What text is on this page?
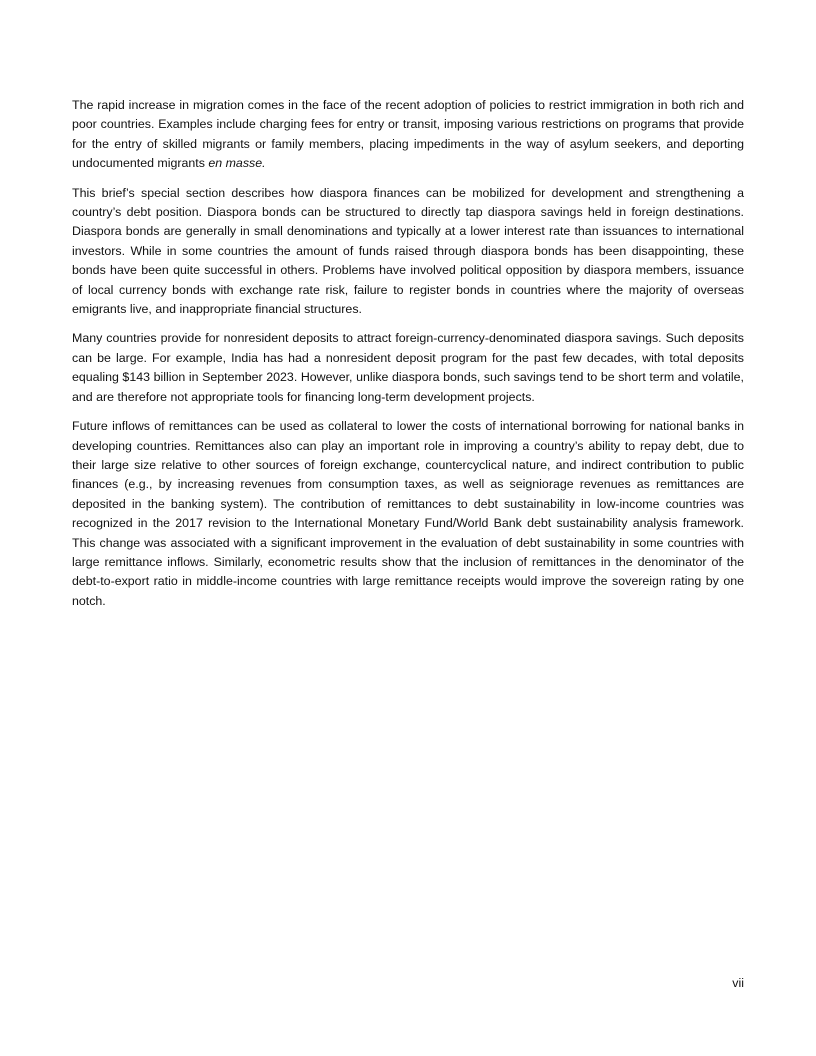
The rapid increase in migration comes in the face of the recent adoption of policies to restrict immigration in both rich and poor countries. Examples include charging fees for entry or transit, imposing various restrictions on programs that provide for the entry of skilled migrants or family members, placing impediments in the way of asylum seekers, and deporting undocumented migrants en masse.

This brief’s special section describes how diaspora finances can be mobilized for development and strengthening a country’s debt position. Diaspora bonds can be structured to directly tap diaspora savings held in foreign destinations. Diaspora bonds are generally in small denominations and typically at a lower interest rate than issuances to international investors. While in some countries the amount of funds raised through diaspora bonds has been disappointing, these bonds have been quite successful in others. Problems have involved political opposition by diaspora members, issuance of local currency bonds with exchange rate risk, failure to register bonds in countries where the majority of overseas emigrants live, and inappropriate financial structures.

Many countries provide for nonresident deposits to attract foreign-currency-denominated diaspora savings. Such deposits can be large. For example, India has had a nonresident deposit program for the past few decades, with total deposits equaling $143 billion in September 2023. However, unlike diaspora bonds, such savings tend to be short term and volatile, and are therefore not appropriate tools for financing long-term development projects.

Future inflows of remittances can be used as collateral to lower the costs of international borrowing for national banks in developing countries. Remittances also can play an important role in improving a country’s ability to repay debt, due to their large size relative to other sources of foreign exchange, countercyclical nature, and indirect contribution to public finances (e.g., by increasing revenues from consumption taxes, as well as seigniorage revenues as remittances are deposited in the banking system). The contribution of remittances to debt sustainability in low-income countries was recognized in the 2017 revision to the International Monetary Fund/World Bank debt sustainability analysis framework. This change was associated with a significant improvement in the evaluation of debt sustainability in some countries with large remittance inflows. Similarly, econometric results show that the inclusion of remittances in the denominator of the debt-to-export ratio in middle-income countries with large remittance receipts would improve the sovereign rating by one notch.

vii
